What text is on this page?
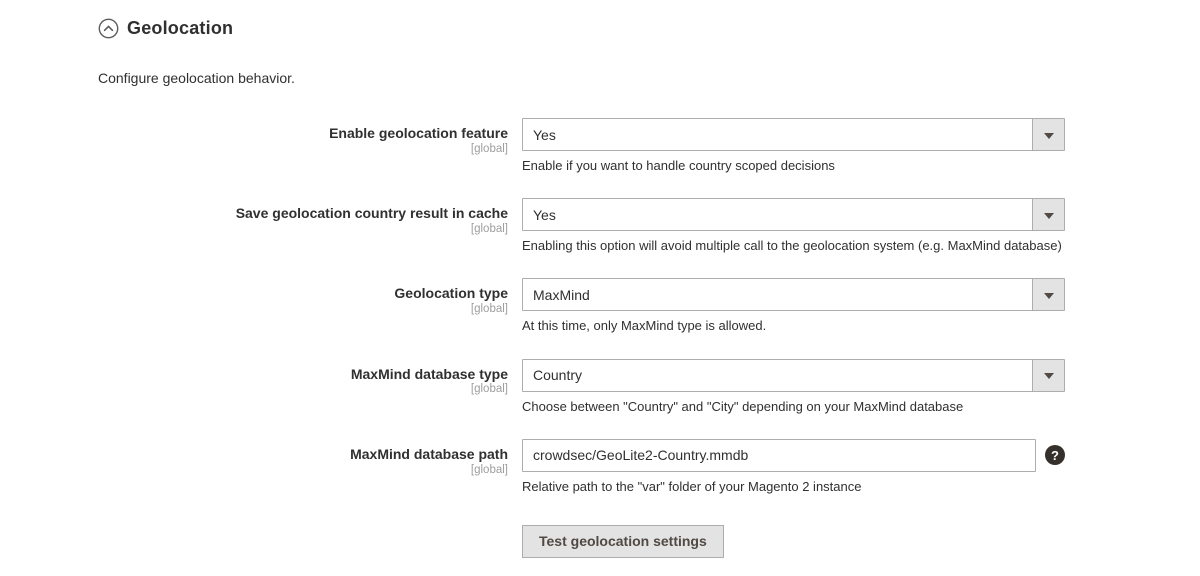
Geolocation
Configure geolocation behavior.
Enable geolocation feature
[global]
Yes
Enable if you want to handle country scoped decisions
Save geolocation country result in cache
[global]
Yes
Enabling this option will avoid multiple call to the geolocation system (e.g. MaxMind database)
Geolocation type
[global]
MaxMind
At this time, only MaxMind type is allowed.
MaxMind database type
[global]
Country
Choose between "Country" and "City" depending on your MaxMind database
MaxMind database path
[global]
crowdsec/GeoLite2-Country.mmdb
?
Relative path to the "var" folder of your Magento 2 instance
Test geolocation settings
